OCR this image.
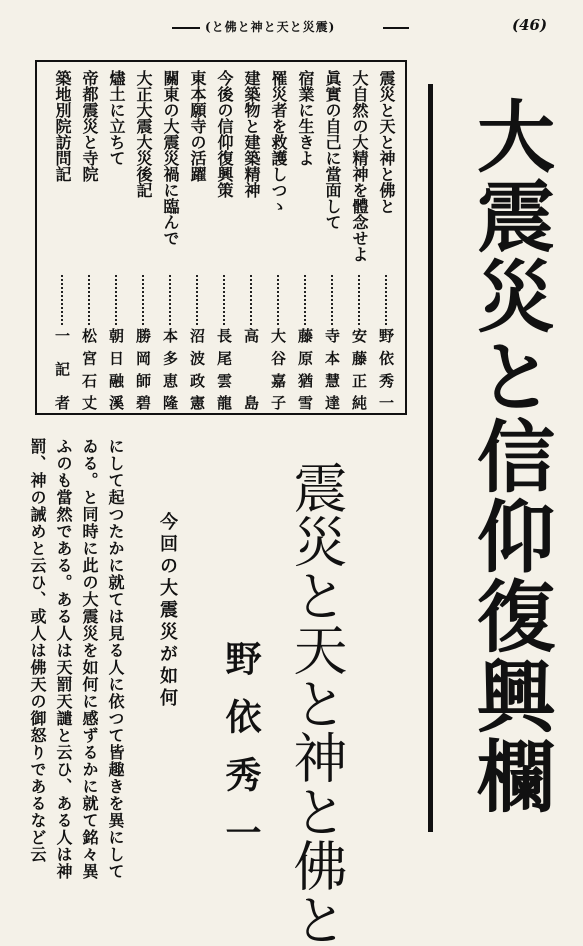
(と佛と神と天と災震)	(46)
震災と天と神と佛と
野依秀一
大自然の大精神を體念せよ
安藤正純
眞實の自己に當面して
寺本慧達
宿業に生きよ
藤原猶雪
罹災者を救護しつゝ
大谷嘉子
建築物と建築精神
高島
今後の信仰復興策
長尾雲龍
東本願寺の活躍
沼波政憲
關東の大震災禍に臨んで
本多恵隆
大正大震大災後記
勝岡師碧
燼土に立ちて
朝日融溪
帝都震災と寺院
松宮石丈
築地別院訪問記
一記者	大震災と信仰復興欄
震災と天と神と佛と
野依秀一
今回の大震災が如何

にして起つたかに就ては見る人に依つて皆趣きを異にして

ゐる。と同時に此の大震災を如何に感ずるかに就て銘々異

ふのも當然である。ある人は天罰天譴と云ひ、ある人は神

罰、神の誡めと云ひ、或人は佛天の御怒りであるなど云
